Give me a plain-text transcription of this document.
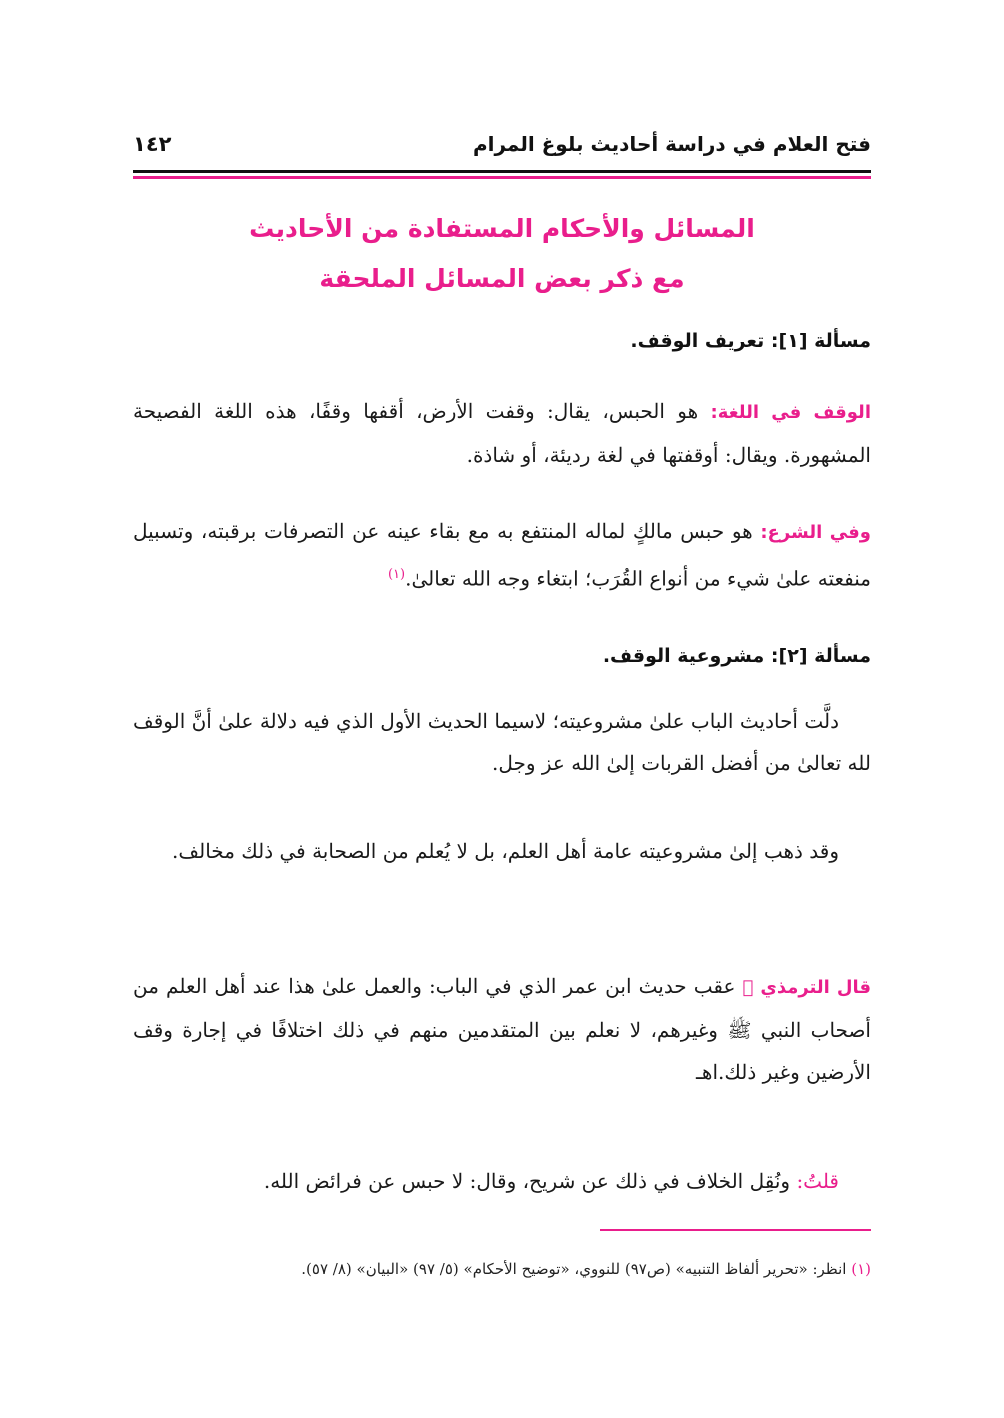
فتح العلام في دراسة أحاديث بلوغ المرام
١٤٢
المسائل والأحكام المستفادة من الأحاديث
مع ذكر بعض المسائل الملحقة
مسألة [١]: تعريف الوقف.

الوقف في اللغة: هو الحبس، يقال: وقفت الأرض، أقفها وقفًا، هذه اللغة الفصيحة المشهورة. ويقال: أوقفتها في لغة رديئة، أو شاذة.

وفي الشرع: هو حبس مالكٍ لماله المنتفع به مع بقاء عينه عن التصرفات برقبته، وتسبيل منفعته علىٰ شيء من أنواع القُرَب؛ ابتغاء وجه الله تعالىٰ.$^{(١)}$

مسألة [٢]: مشروعية الوقف.

دلَّت أحاديث الباب علىٰ مشروعيته؛ لاسيما الحديث الأول الذي فيه دلالة علىٰ أنَّ الوقف لله تعالىٰ من أفضل القربات إلىٰ الله عز وجل.

وقد ذهب إلىٰ مشروعيته عامة أهل العلم، بل لا يُعلم من الصحابة في ذلك مخالف.

قال الترمذي ﷫ عقب حديث ابن عمر الذي في الباب: والعمل علىٰ هذا عند أهل العلم من أصحاب النبي ﷺ وغيرهم، لا نعلم بين المتقدمين منهم في ذلك اختلافًا في إجارة وقف الأرضين وغير ذلك.اهـ

قلتُ: ونُقِل الخلاف في ذلك عن شريح، وقال: لا حبس عن فرائض الله.

(١) انظر: «تحرير ألفاظ التنبيه» (ص٩٧) للنووي، «توضيح الأحكام» (٥/ ٩٧) «البيان» (٨/ ٥٧).
